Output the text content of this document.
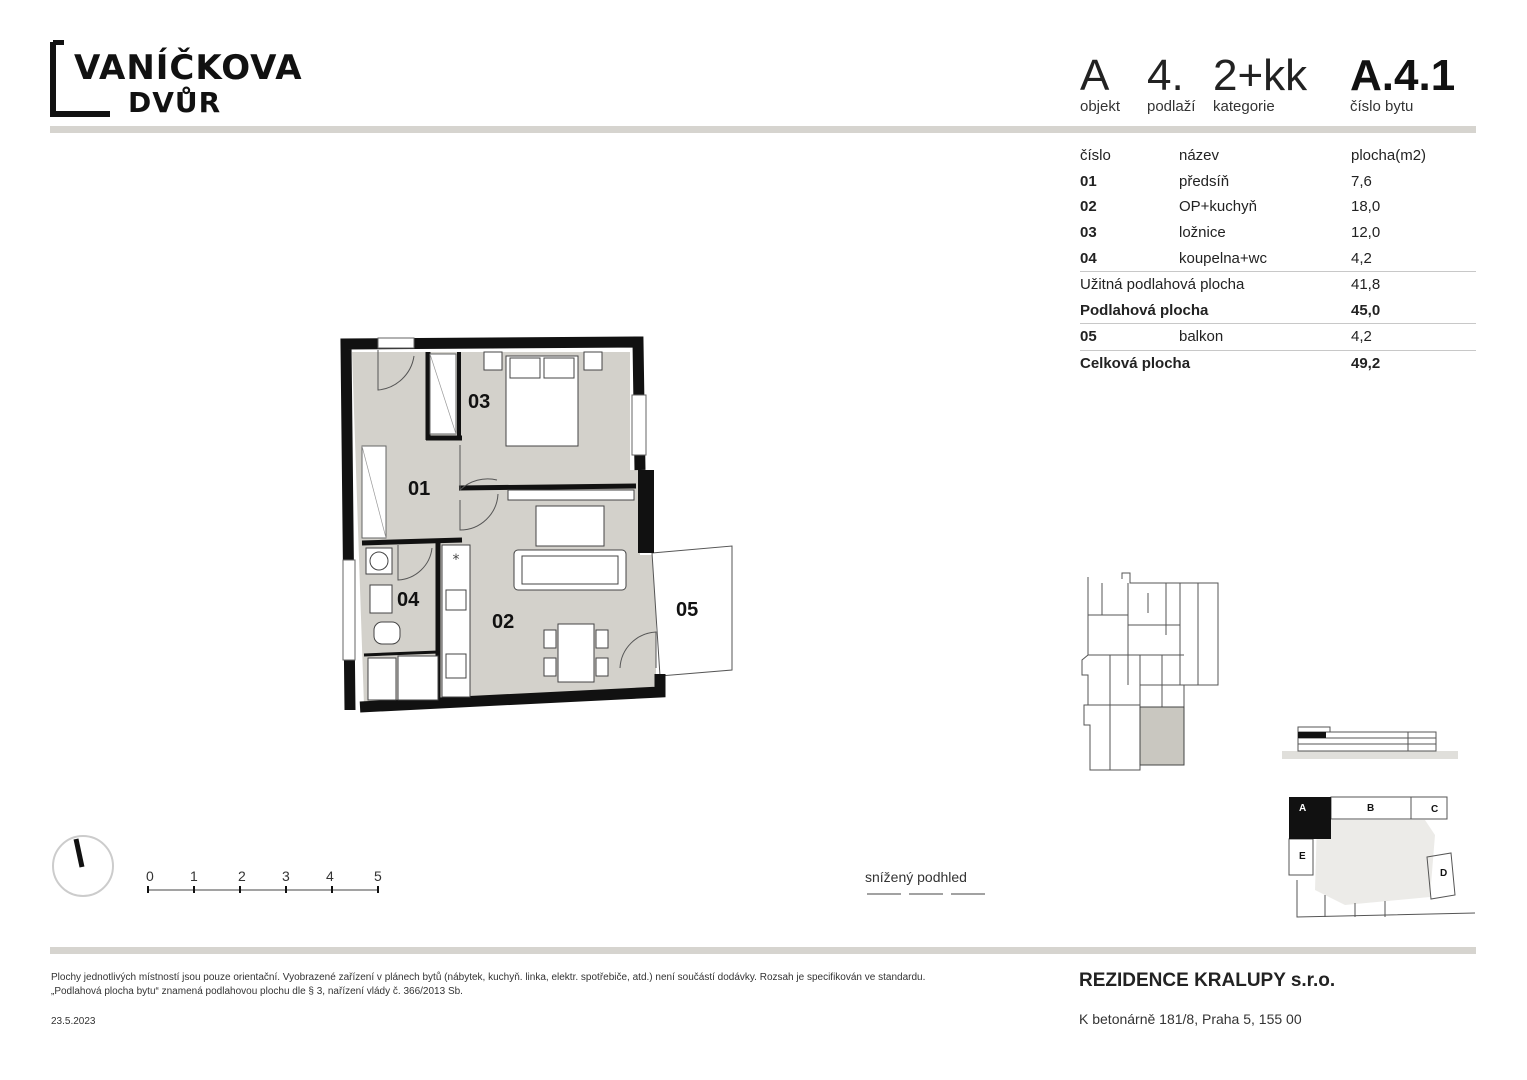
VANÍČKOVA
DVŮR
A
objekt
4.
podlaží
2+kk
kategorie
A.4.1
číslo bytu
číslo	název	plocha(m2)
01	předsíň	7,6
02	OP+kuchyň	18,0
03	ložnice	12,0
04	koupelna+wc	4,2
Užitná podlahová plocha		41,8
Podlahová plocha		45,0
05	balkon	4,2
Celková plocha		49,2
*
03
01
04
02
05
0	1	2	3	4	5	snížený podhled
A	B	C
D
E
Plochy jednotlivých místností jsou pouze orientační. Vyobrazené zařízení v plánech bytů (nábytek, kuchyň. linka, elektr. spotřebiče, atd.) není součástí dodávky. Rozsah je specifikován ve standardu.
„Podlahová plocha bytu“ znamená podlahovou plochu dle § 3, nařízení vlády č. 366/2013 Sb.
23.5.2023
REZIDENCE KRALUPY s.r.o.
K betonárně 181/8, Praha 5, 155 00
